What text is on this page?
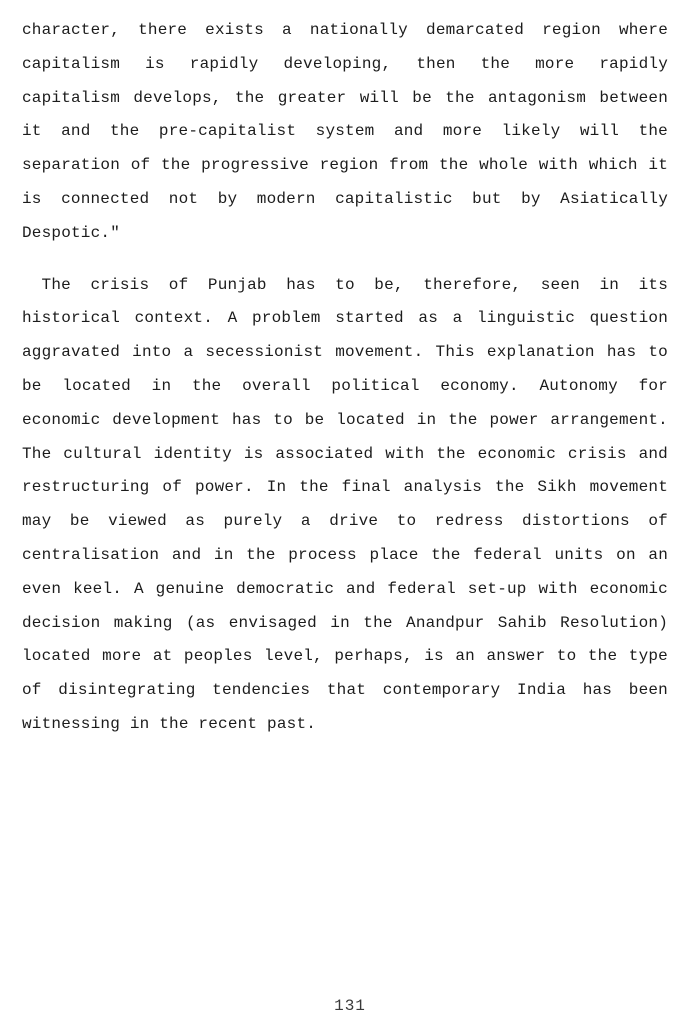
character, there exists a nationally demarcated region where
capitalism is rapidly developing, then the more rapidly
capitalism develops, the greater will be the antagonism between
it and the pre-capitalist system and more likely will the
separation of the progressive region from the whole with which it
is connected not by modern capitalistic but by Asiatically
Despotic."
The crisis of Punjab has to be, therefore, seen in its
historical context. A problem started as a linguistic question
aggravated into a secessionist movement. This explanation has to
be located in the overall political economy. Autonomy for
economic development has to be located in the power arrangement.
The cultural identity is associated with the economic crisis and
restructuring of power. In the final analysis the Sikh movement
may be viewed as purely a drive to redress distortions of
centralisation and in the process place the federal units on an
even keel. A genuine democratic and federal set-up with economic
decision making (as envisaged in the Anandpur Sahib Resolution)
located more at peoples level, perhaps, is an answer to the type
of disintegrating tendencies that contemporary India has been
witnessing in the recent past.
131
